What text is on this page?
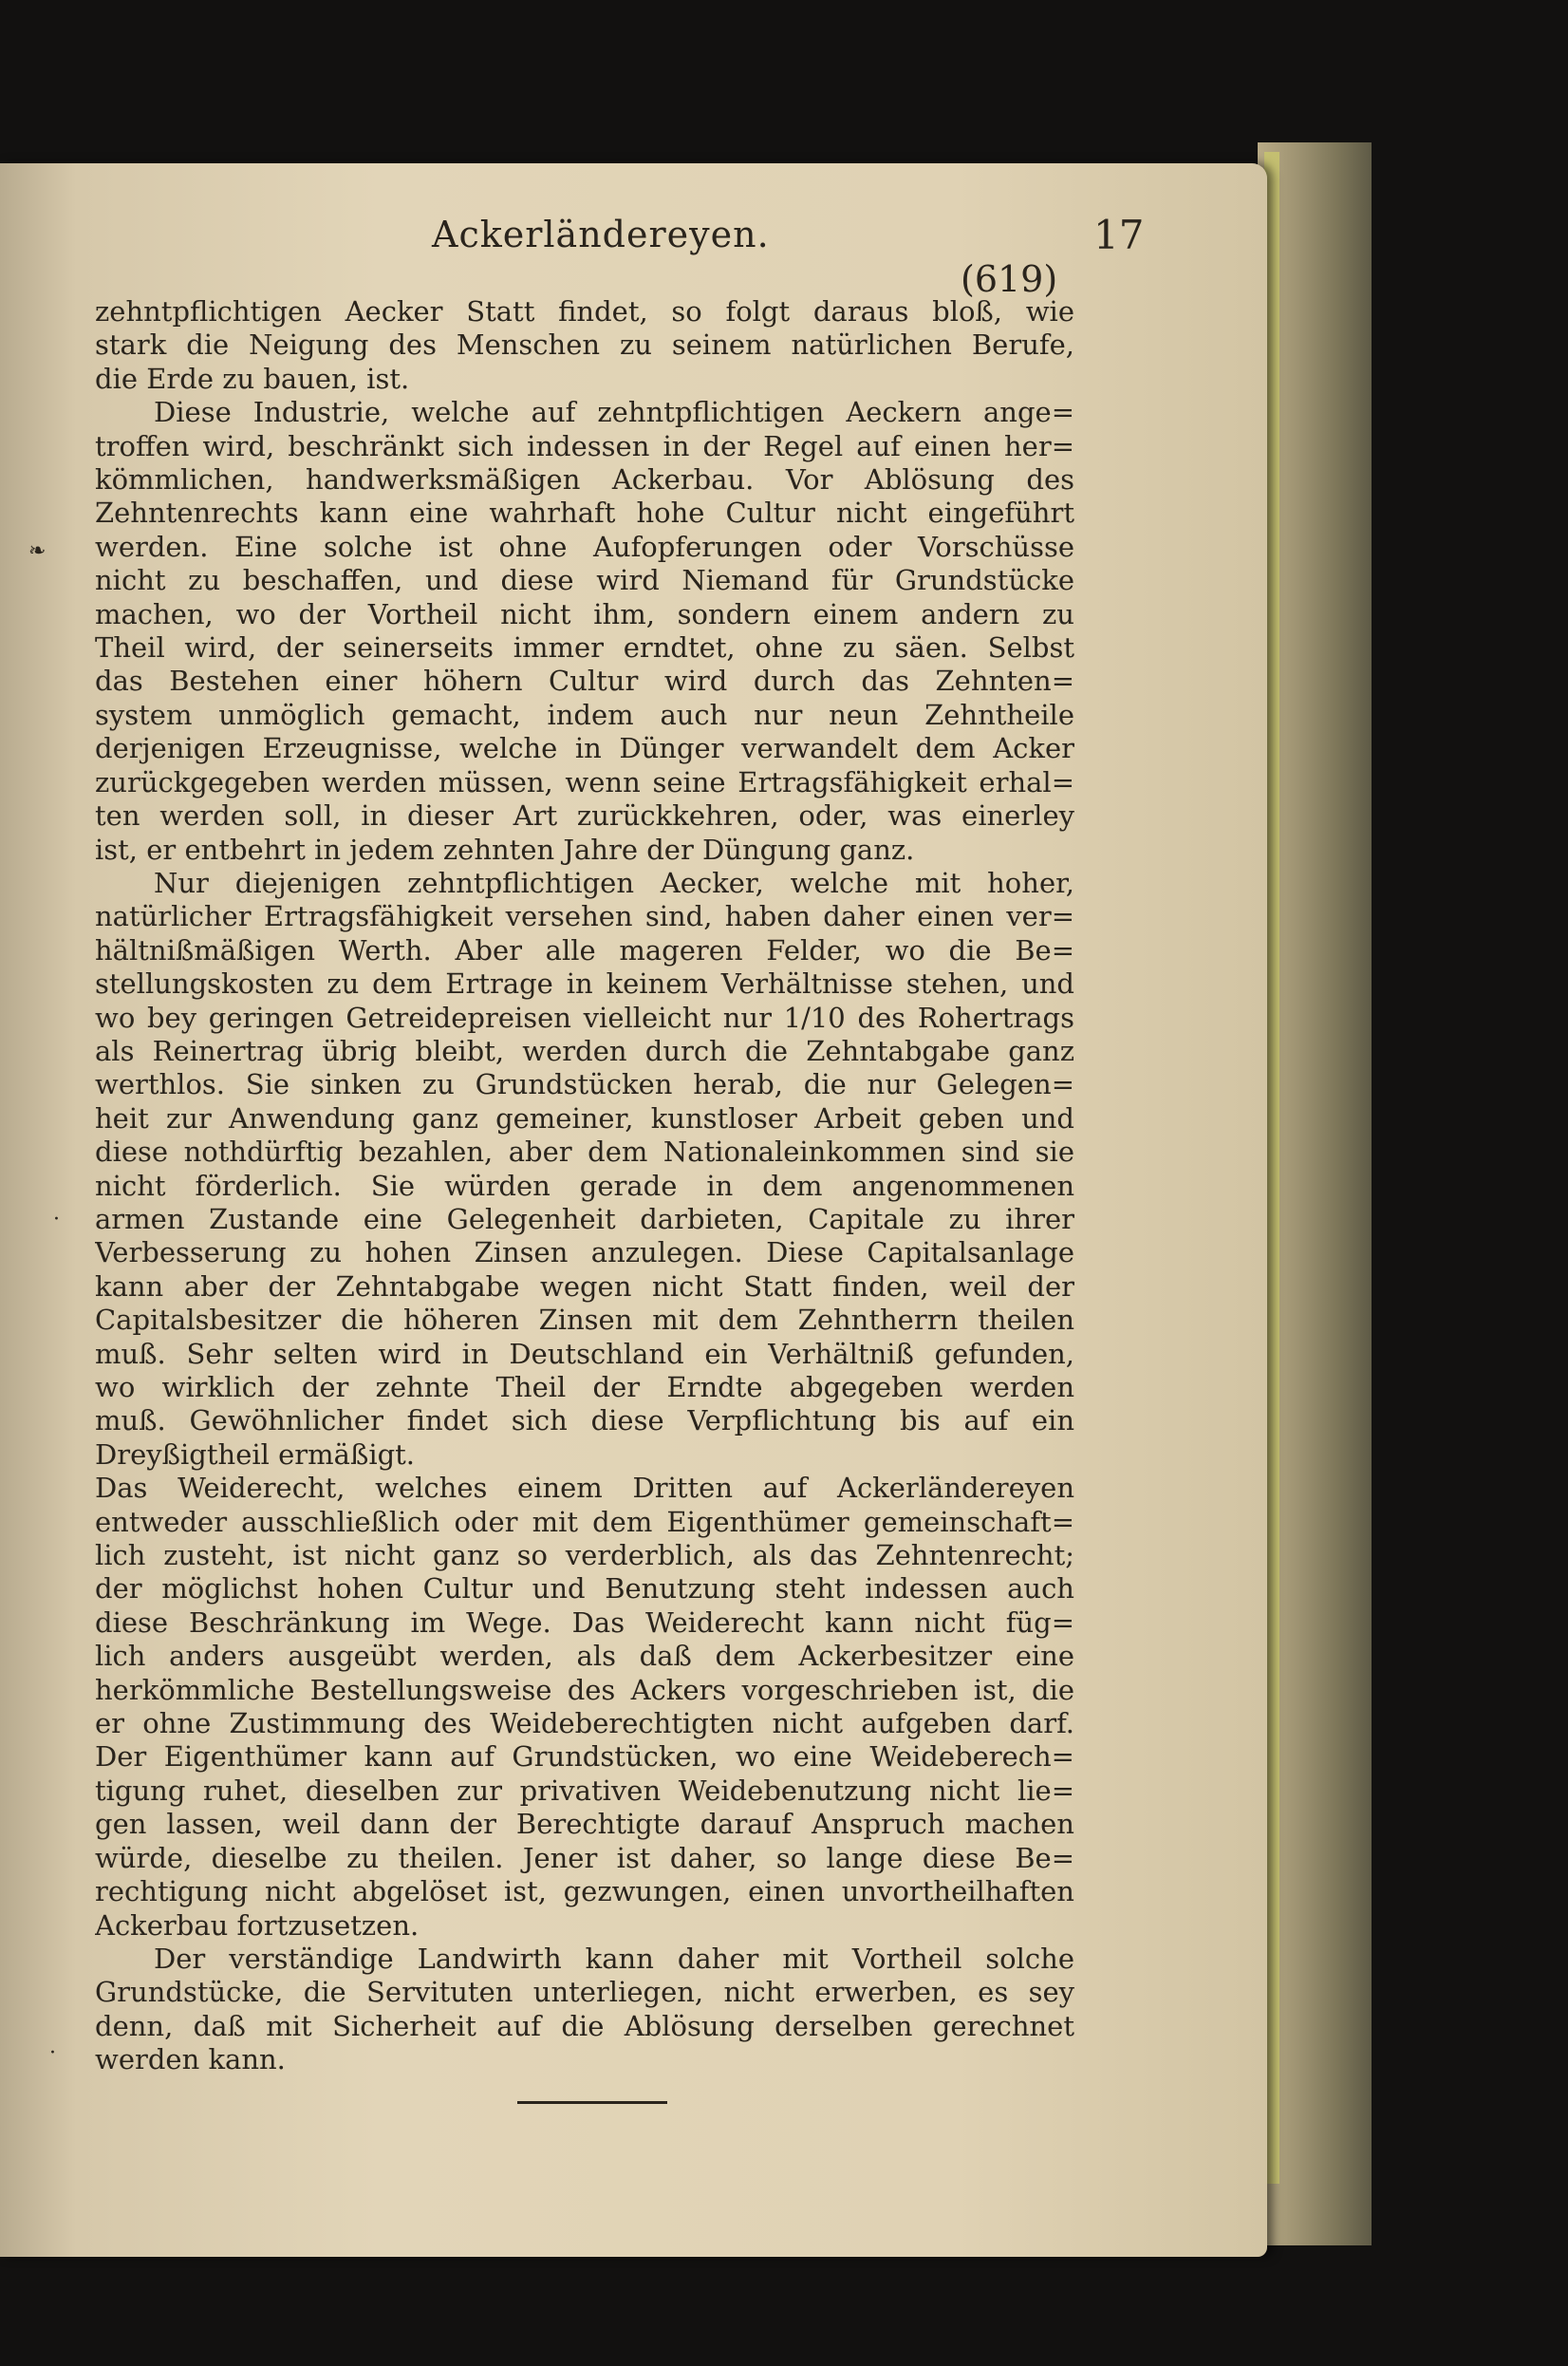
Ackerländereyen.	17
(619)

zehntpflichtigen Aecker Statt findet, so folgt daraus bloß, wie

stark die Neigung des Menschen zu seinem natürlichen Berufe,

die Erde zu bauen, ist.

Diese Industrie, welche auf zehntpflichtigen Aeckern ange=

troffen wird, beschränkt sich indessen in der Regel auf einen her=

kömmlichen, handwerksmäßigen Ackerbau. Vor Ablösung des

Zehntenrechts kann eine wahrhaft hohe Cultur nicht eingeführt

werden. Eine solche ist ohne Aufopferungen oder Vorschüsse

nicht zu beschaffen, und diese wird Niemand für Grundstücke

machen, wo der Vortheil nicht ihm, sondern einem andern zu

Theil wird, der seinerseits immer erndtet, ohne zu säen. Selbst

das Bestehen einer höhern Cultur wird durch das Zehnten=

system unmöglich gemacht, indem auch nur neun Zehntheile

derjenigen Erzeugnisse, welche in Dünger verwandelt dem Acker

zurückgegeben werden müssen, wenn seine Ertragsfähigkeit erhal=

ten werden soll, in dieser Art zurückkehren, oder, was einerley

ist, er entbehrt in jedem zehnten Jahre der Düngung ganz.

Nur diejenigen zehntpflichtigen Aecker, welche mit hoher,

natürlicher Ertragsfähigkeit versehen sind, haben daher einen ver=

hältnißmäßigen Werth. Aber alle mageren Felder, wo die Be=

stellungskosten zu dem Ertrage in keinem Verhältnisse stehen, und

wo bey geringen Getreidepreisen vielleicht nur 1/10 des Rohertrags

als Reinertrag übrig bleibt, werden durch die Zehntabgabe ganz

werthlos. Sie sinken zu Grundstücken herab, die nur Gelegen=

heit zur Anwendung ganz gemeiner, kunstloser Arbeit geben und

diese nothdürftig bezahlen, aber dem Nationaleinkommen sind sie

nicht förderlich. Sie würden gerade in dem angenommenen

armen Zustande eine Gelegenheit darbieten, Capitale zu ihrer

Verbesserung zu hohen Zinsen anzulegen. Diese Capitalsanlage

kann aber der Zehntabgabe wegen nicht Statt finden, weil der

Capitalsbesitzer die höheren Zinsen mit dem Zehntherrn theilen

muß. Sehr selten wird in Deutschland ein Verhältniß gefunden,

wo wirklich der zehnte Theil der Erndte abgegeben werden

muß. Gewöhnlicher findet sich diese Verpflichtung bis auf ein

Dreyßigtheil ermäßigt.

Das Weiderecht, welches einem Dritten auf Ackerländereyen

entweder ausschließlich oder mit dem Eigenthümer gemeinschaft=

lich zusteht, ist nicht ganz so verderblich, als das Zehntenrecht;

der möglichst hohen Cultur und Benutzung steht indessen auch

diese Beschränkung im Wege. Das Weiderecht kann nicht füg=

lich anders ausgeübt werden, als daß dem Ackerbesitzer eine

herkömmliche Bestellungsweise des Ackers vorgeschrieben ist, die

er ohne Zustimmung des Weideberechtigten nicht aufgeben darf.

Der Eigenthümer kann auf Grundstücken, wo eine Weideberech=

tigung ruhet, dieselben zur privativen Weidebenutzung nicht lie=

gen lassen, weil dann der Berechtigte darauf Anspruch machen

würde, dieselbe zu theilen. Jener ist daher, so lange diese Be=

rechtigung nicht abgelöset ist, gezwungen, einen unvortheilhaften

Ackerbau fortzusetzen.

Der verständige Landwirth kann daher mit Vortheil solche

Grundstücke, die Servituten unterliegen, nicht erwerben, es sey

denn, daß mit Sicherheit auf die Ablösung derselben gerechnet

werden kann.

❧
·
·
